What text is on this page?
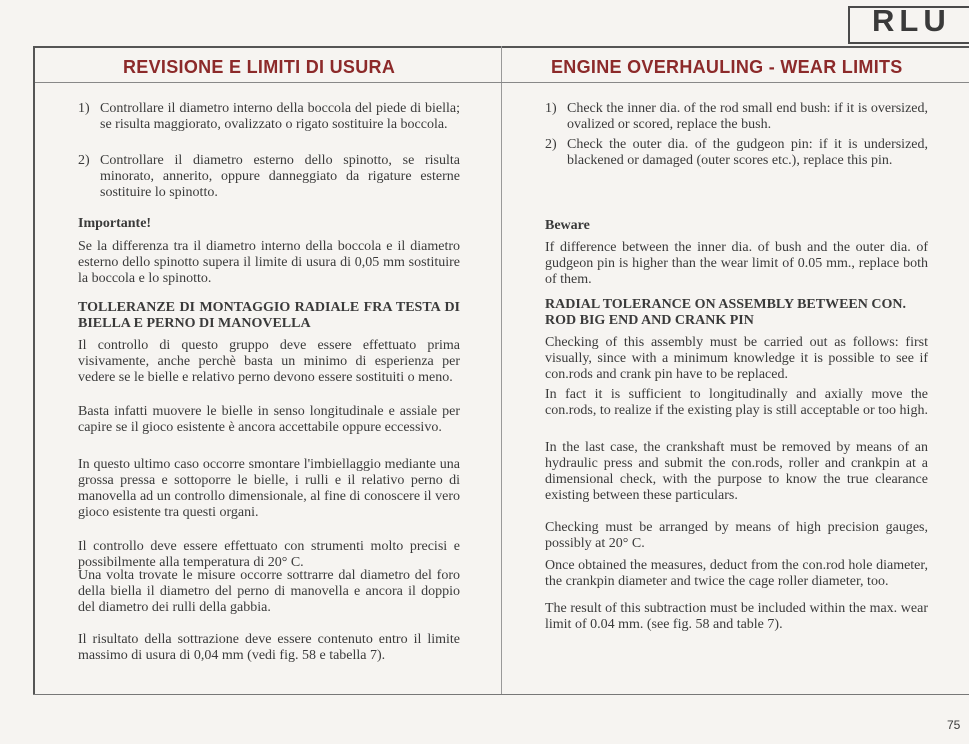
RLU
REVISIONE E LIMITI DI USURA	ENGINE OVERHAULING - WEAR LIMITS
1) Controllare il diametro interno della boccola del piede di biella; se risulta maggiorato, ovalizzato o rigato sostituire la boccola.
2) Controllare il diametro esterno dello spinotto, se risulta minorato, annerito, oppure danneggiato da rigature esterne sostituire lo spinotto.

Importante!

Se la differenza tra il diametro interno della boccola e il diametro esterno dello spinotto supera il limite di usura di 0,05 mm sostituire la boccola e lo spinotto.

TOLLERANZE DI MONTAGGIO RADIALE FRA TESTA DI BIELLA E PERNO DI MANOVELLA

Il controllo di questo gruppo deve essere effettuato prima visivamente, anche perchè basta un minimo di esperienza per vedere se le bielle e relativo perno devono essere sostituiti o meno.

Basta infatti muovere le bielle in senso longitudinale e assiale per capire se il gioco esistente è ancora accettabile oppure eccessivo.

In questo ultimo caso occorre smontare l'imbiellaggio mediante una grossa pressa e sottoporre le bielle, i rulli e il relativo perno di manovella ad un controllo dimensionale, al fine di conoscere il vero gioco esistente tra questi organi.

Il controllo deve essere effettuato con strumenti molto precisi e possibilmente alla temperatura di 20° C.

Una volta trovate le misure occorre sottrarre dal diametro del foro della biella il diametro del perno di manovella e ancora il doppio del diametro dei rulli della gabbia.

Il risultato della sottrazione deve essere contenuto entro il limite massimo di usura di 0,04 mm (vedi fig. 58 e tabella 7).

1) Check the inner dia. of the rod small end bush: if it is oversized, ovalized or scored, replace the bush.
2) Check the outer dia. of the gudgeon pin: if it is undersized, blackened or damaged (outer scores etc.), replace this pin.

Beware

If difference between the inner dia. of bush and the outer dia. of gudgeon pin is higher than the wear limit of 0.05 mm., replace both of them.

RADIAL TOLERANCE ON ASSEMBLY BETWEEN CON. ROD BIG END AND CRANK PIN

Checking of this assembly must be carried out as follows: first visually, since with a minimum knowledge it is possible to see if con.rods and crank pin have to be replaced.

In fact it is sufficient to longitudinally and axially move the con.rods, to realize if the existing play is still acceptable or too high.

In the last case, the crankshaft must be removed by means of an hydraulic press and submit the con.rods, roller and crankpin at a dimensional check, with the purpose to know the true clearance existing between these particulars.

Checking must be arranged by means of high precision gauges, possibly at 20° C.

Once obtained the measures, deduct from the con.rod hole diameter, the crankpin diameter and twice the cage roller diameter, too.

The result of this subtraction must be included within the max. wear limit of 0.04 mm. (see fig. 58 and table 7).

75
